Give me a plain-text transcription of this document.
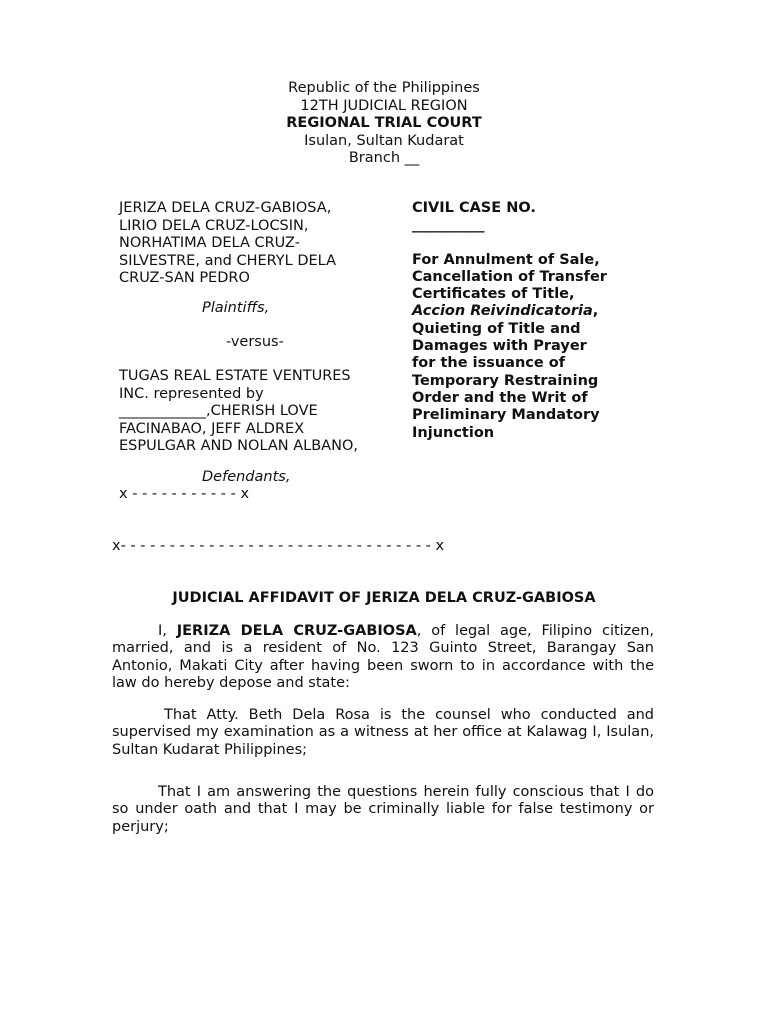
Republic of the Philippines
12TH JUDICIAL REGION
REGIONAL TRIAL COURT
Isulan, Sultan Kudarat
Branch __
JERIZA DELA CRUZ-GABIOSA,
LIRIO DELA CRUZ-LOCSIN,
NORHATIMA DELA CRUZ-
SILVESTRE, and CHERYL DELA
CRUZ-SAN PEDRO
Plaintiffs,
-versus-
TUGAS REAL ESTATE VENTURES
INC. represented by
____________,CHERISH LOVE
FACINABAO, JEFF ALDREX
ESPULGAR AND NOLAN ALBANO,
Defendants,
x - - - - - - - - - - - x
CIVIL CASE NO.
__________
For Annulment of Sale, Cancellation of Transfer Certificates of Title, Accion Reivindicatoria, Quieting of Title and Damages with Prayer for the issuance of Temporary Restraining Order and the Writ of Preliminary Mandatory Injunction
x- - - - - - - - - - - - - - - - - - - - - - - - - - - - - - - - x
JUDICIAL AFFIDAVIT OF JERIZA DELA CRUZ-GABIOSA
I, JERIZA DELA CRUZ-GABIOSA, of legal age, Filipino citizen, married, and is a resident of No. 123 Guinto Street, Barangay San Antonio, Makati City after having been sworn to in accordance with the law do hereby depose and state:
That Atty. Beth Dela Rosa is the counsel who conducted and supervised my examination as a witness at her office at Kalawag I, Isulan, Sultan Kudarat Philippines;
That I am answering the questions herein fully conscious that I do so under oath and that I may be criminally liable for false testimony or perjury;
